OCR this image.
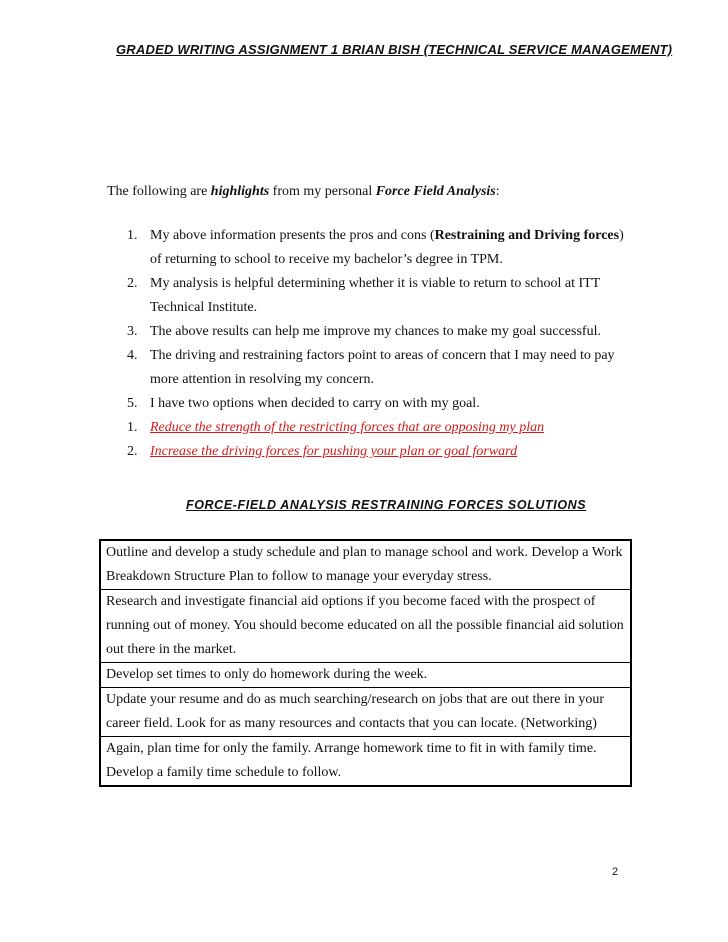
GRADED WRITING ASSIGNMENT 1 BRIAN BISH (TECHNICAL SERVICE MANAGEMENT)
The following are highlights from my personal Force Field Analysis:

1. My above information presents the pros and cons (Restraining and Driving forces) of returning to school to receive my bachelor’s degree in TPM.

2. My analysis is helpful determining whether it is viable to return to school at ITT Technical Institute.

3. The above results can help me improve my chances to make my goal successful.

4. The driving and restraining factors point to areas of concern that I may need to pay more attention in resolving my concern.

5. I have two options when decided to carry on with my goal.

1. Reduce the strength of the restricting forces that are opposing my plan

2. Increase the driving forces for pushing your plan or goal forward

FORCE-FIELD ANALYSIS RESTRAINING FORCES SOLUTIONS
Outline and develop a study schedule and plan to manage school and work. Develop a Work Breakdown Structure Plan to follow to manage your everyday stress.
Research and investigate financial aid options if you become faced with the prospect of running out of money. You should become educated on all the possible financial aid solution out there in the market.
Develop set times to only do homework during the week.
Update your resume and do as much searching/research on jobs that are out there in your career field. Look for as many resources and contacts that you can locate. (Networking)
Again, plan time for only the family. Arrange homework time to fit in with family time. Develop a family time schedule to follow.
2
